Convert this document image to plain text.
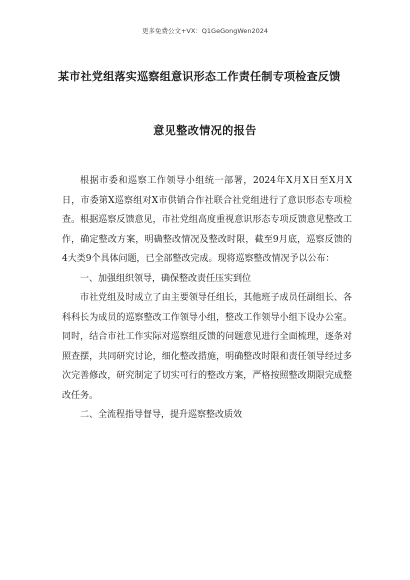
更多免费公文+VX：Q1GeGongWen2024
某市社党组落实巡察组意识形态工作责任制专项检查反馈
意见整改情况的报告

根据市委和巡察工作领导小组统一部署，2024年X月X日至X月X日，市委第X巡察组对X市供销合作社联合社党组进行了意识形态专项检查。根据巡察反馈意见，市社党组高度重视意识形态专项反馈意见整改工作，确定整改方案，明确整改情况及整改时限，截至9月底，巡察反馈的4大类9个具体问题，已全部整改完成。现将巡察整改情况予以公布：

一、加强组织领导，确保整改责任压实到位

市社党组及时成立了由主要领导任组长，其他班子成员任副组长、各科科长为成员的巡察整改工作领导小组，整改工作领导小组下设办公室。同时，结合市社工作实际对巡察组反馈的问题意见进行全面梳理，逐条对照查摆，共同研究讨论，细化整改措施，明确整改时限和责任领导经过多次完善修改，研究制定了切实可行的整改方案，严格按照整改期限完成整改任务。

二、全流程指导督导，提升巡察整改质效
